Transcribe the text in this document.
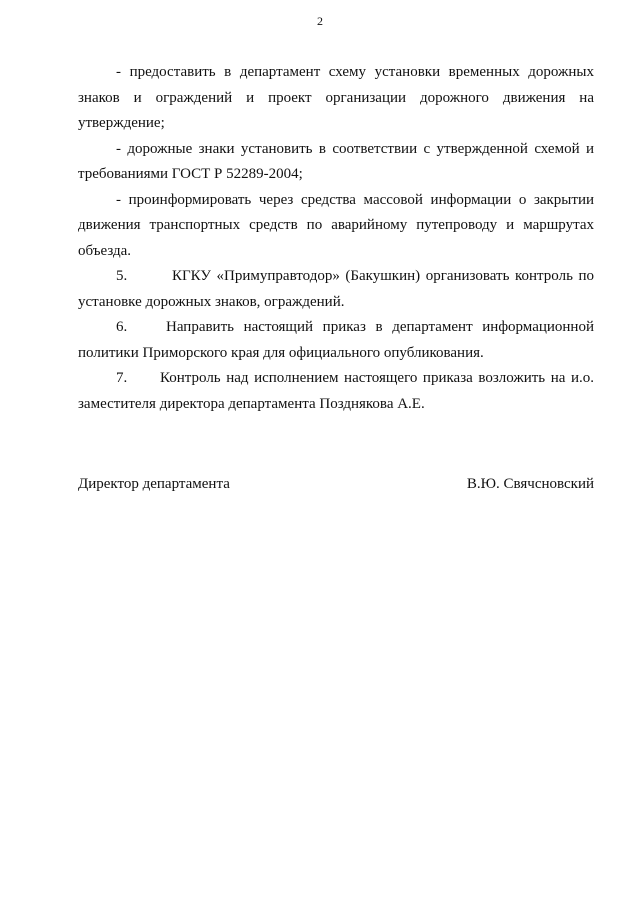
2

- предоставить в департамент схему установки временных дорожных знаков и ограждений и проект организации дорожного движения на утверждение;

- дорожные знаки установить в соответствии с утвержденной схемой и требованиями ГОСТ Р 52289-2004;

- проинформировать через средства массовой информации о закрытии движения транспортных средств по аварийному путепроводу и маршрутах объезда.

5.	КГКУ «Примуправтодор» (Бакушкин) организовать контроль по установке дорожных знаков, ограждений.

6.	Направить настоящий приказ в департамент информационной политики Приморского края для официального опубликования.

7. Контроль над исполнением настоящего приказа возложить на и.о. заместителя директора департамента Позднякова А.Е.

Директор департамента	В.Ю. Свячсновский
